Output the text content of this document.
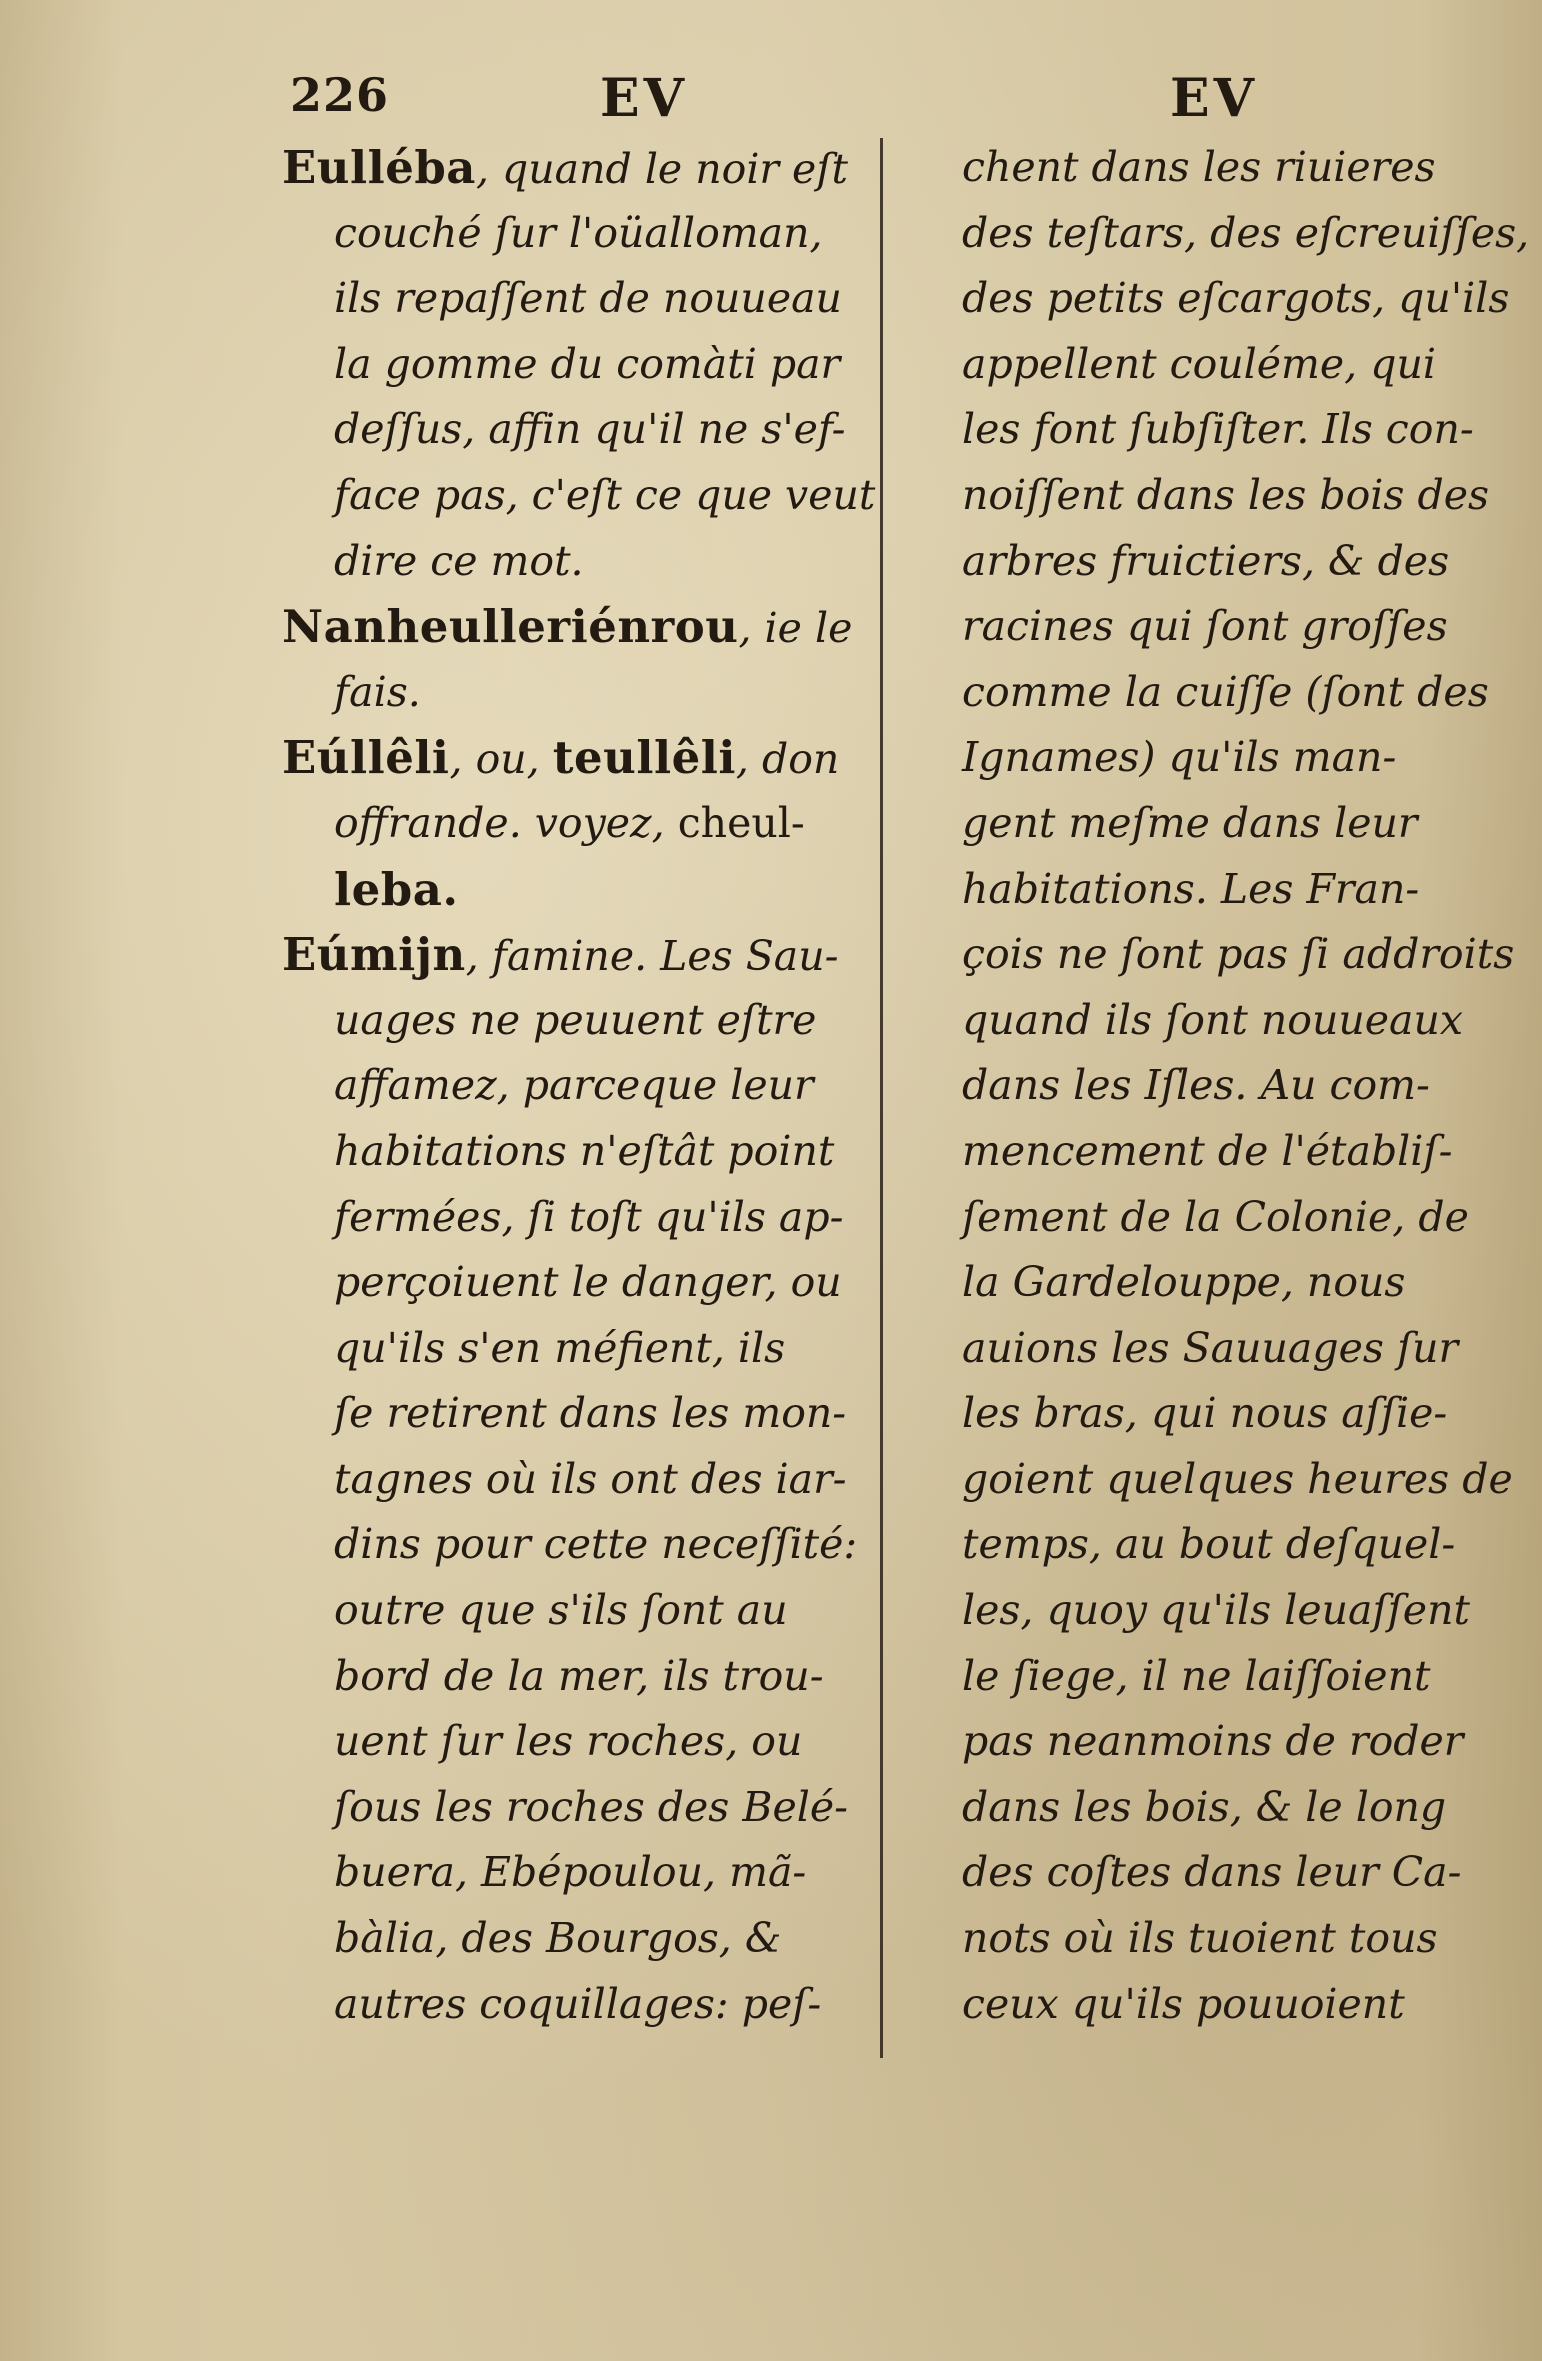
226	EV	EV
Eulléba, quand le noir eſt
couché ſur l'oüalloman,
ils repaſſent de nouueau
la gomme du comàti par
deſſus, affin qu'il ne s'ef-
face pas, c'eſt ce que veut
dire ce mot.
Nanheulleriénrou, ie le
fais.
Eúllêli, ou, teullêli, don
offrande. voyez, cheul-
leba.
Eúmijn, famine. Les Sau-
uages ne peuuent eſtre
affamez, parceque leur
habitations n'eſtât point
fermées, ſi toſt qu'ils ap-
perçoiuent le danger, ou
qu'ils s'en méfient, ils
ſe retirent dans les mon-
tagnes où ils ont des iar-
dins pour cette neceſſité:
outre que s'ils ſont au
bord de la mer, ils trou-
uent ſur les roches, ou
ſous les roches des Belé-
buera, Ebépoulou, mã-
bàlia, des Bourgos, &
autres coquillages: peſ-
chent dans les riuieres
des teſtars, des eſcreuiſſes,
des petits eſcargots, qu'ils
appellent couléme, qui
les font ſubſiſter. Ils con-
noiſſent dans les bois des
arbres fruictiers, & des
racines qui ſont groſſes
comme la cuiſſe (ſont des
Ignames) qu'ils man-
gent meſme dans leur
habitations. Les Fran-
çois ne ſont pas ſi addroits
quand ils ſont nouueaux
dans les Iſles. Au com-
mencement de l'établiſ-
ſement de la Colonie, de
la Gardelouppe, nous
auions les Sauuages ſur
les bras, qui nous aſſie-
goient quelques heures de
temps, au bout deſquel-
les, quoy qu'ils leuaſſent
le ſiege, il ne laiſſoient
pas neanmoins de roder
dans les bois, & le long
des coſtes dans leur Ca-
nots où ils tuoient tous
ceux qu'ils pouuoient
